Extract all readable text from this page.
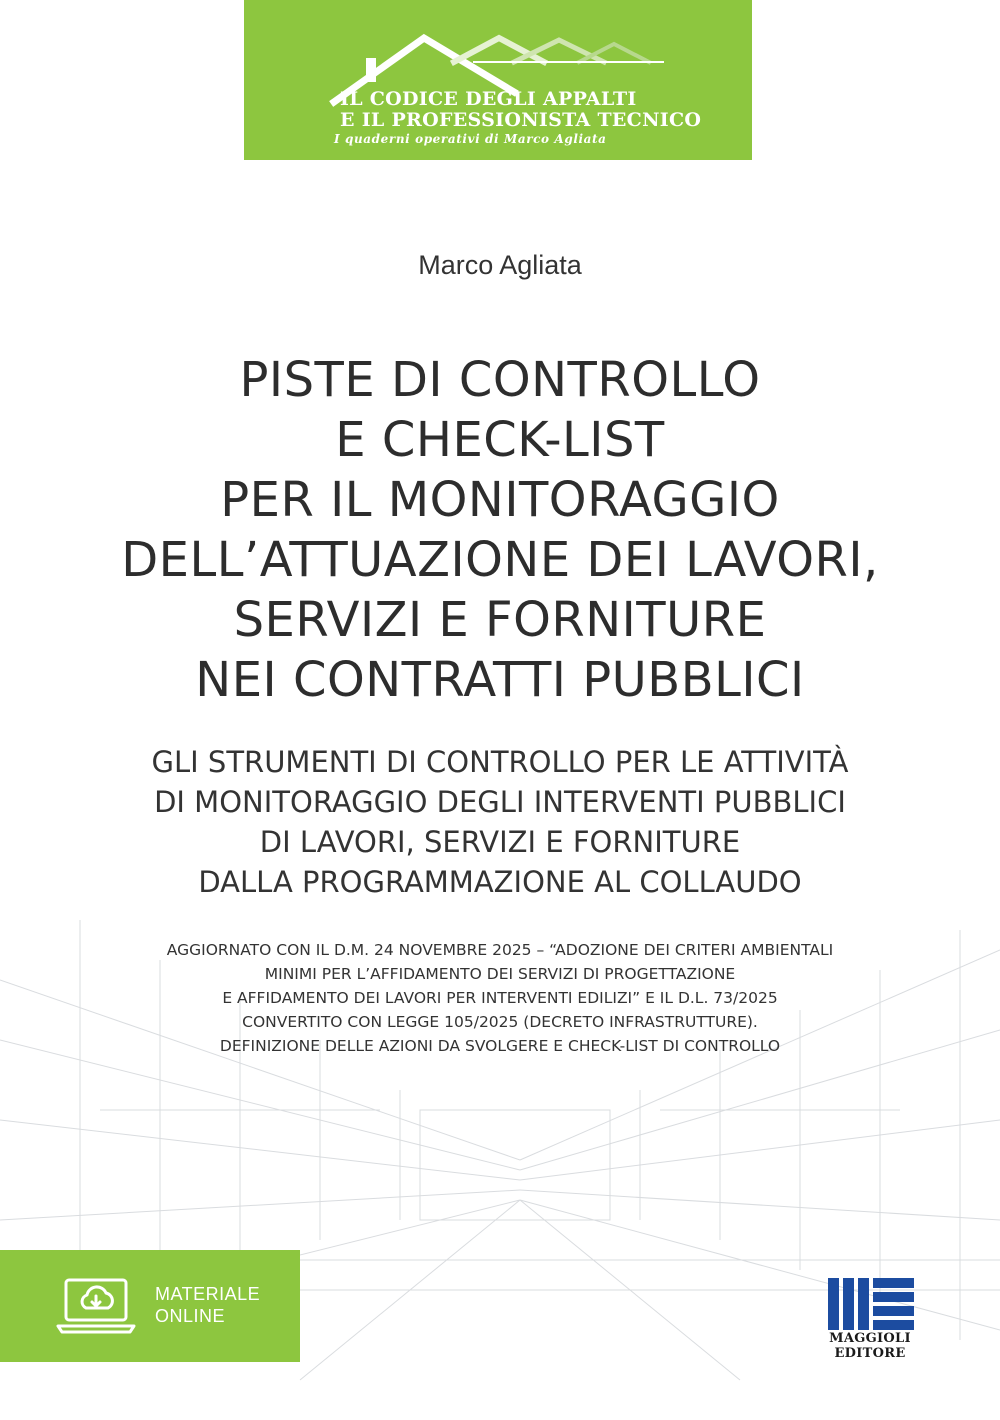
IL CODICE DEGLI APPALTI
E IL PROFESSIONISTA TECNICO
I quaderni operativi di Marco Agliata
Marco Agliata
PISTE DI CONTROLLO
E CHECK-LIST
PER IL MONITORAGGIO
DELL’ATTUAZIONE DEI LAVORI,
SERVIZI E FORNITURE
NEI CONTRATTI PUBBLICI
GLI STRUMENTI DI CONTROLLO PER LE ATTIVITÀ
DI MONITORAGGIO DEGLI INTERVENTI PUBBLICI
DI LAVORI, SERVIZI E FORNITURE
DALLA PROGRAMMAZIONE AL COLLAUDO
AGGIORNATO CON IL D.M. 24 NOVEMBRE 2025 – “ADOZIONE DEI CRITERI AMBIENTALI
MINIMI PER L’AFFIDAMENTO DEI SERVIZI DI PROGETTAZIONE
E AFFIDAMENTO DEI LAVORI PER INTERVENTI EDILIZI” E IL D.L. 73/2025
CONVERTITO CON LEGGE 105/2025 (DECRETO INFRASTRUTTURE).
DEFINIZIONE DELLE AZIONI DA SVOLGERE E CHECK-LIST DI CONTROLLO
MATERIALE
ONLINE
MAGGIOLI
EDITORE
